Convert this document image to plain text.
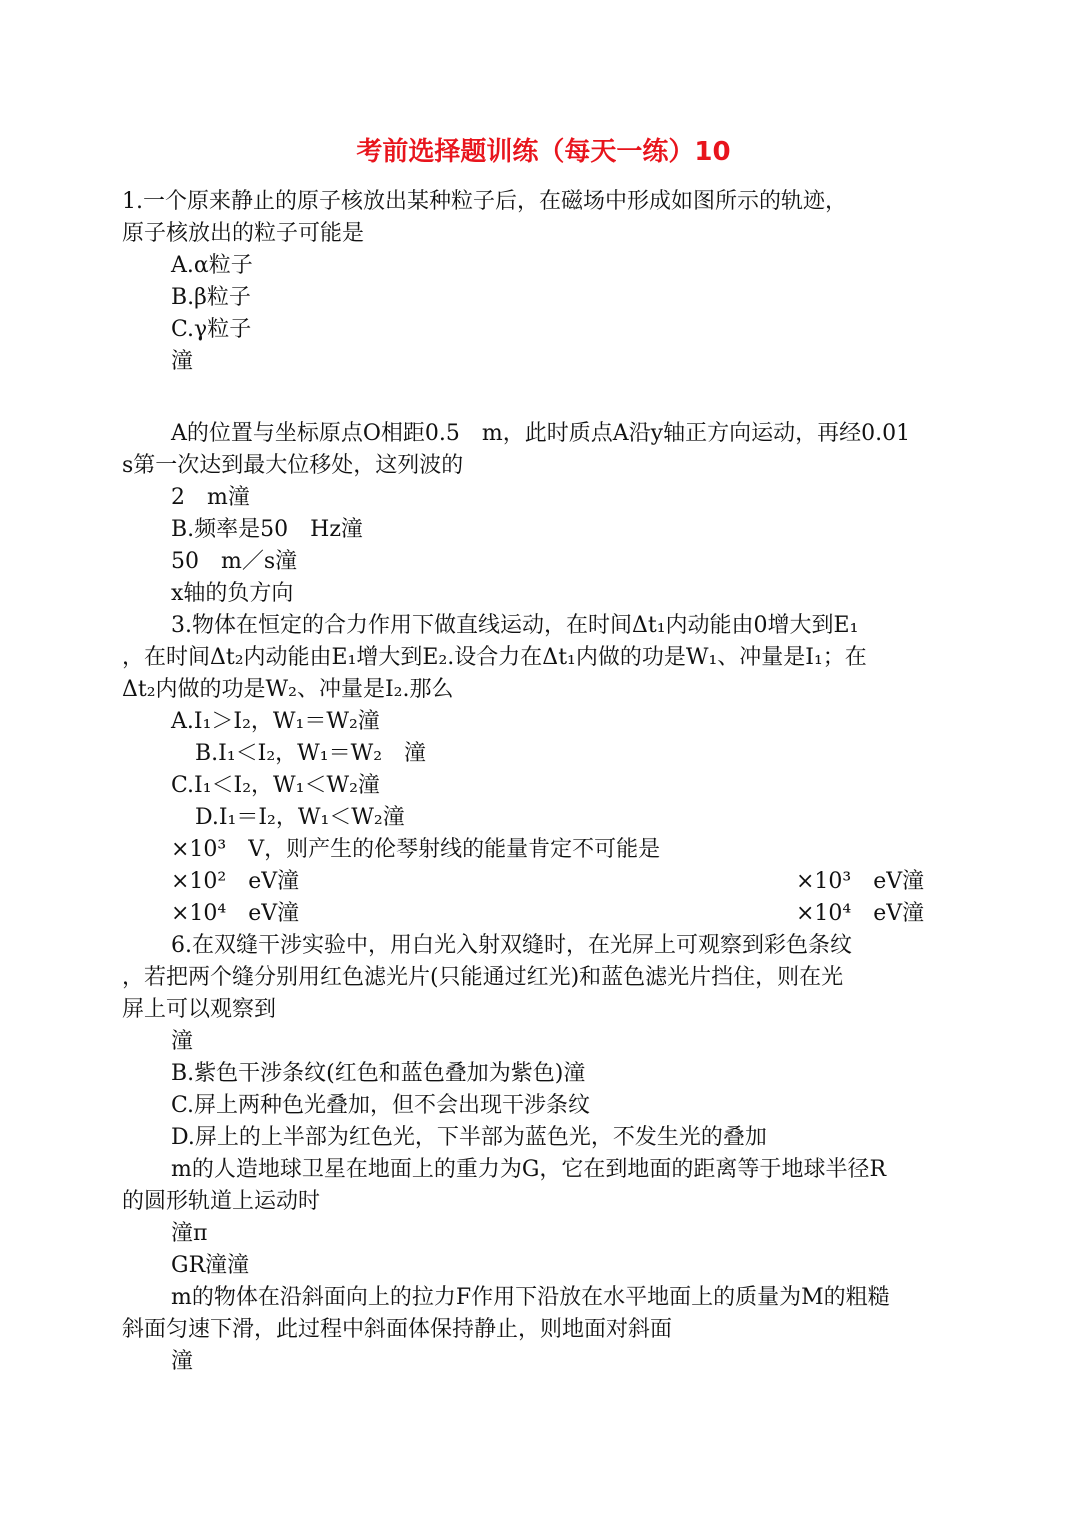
考前选择题训练（每天一练）10
1.一个原来静止的原子核放出某种粒子后，在磁场中形成如图所示的轨迹，
原子核放出的粒子可能是
A.α粒子
B.β粒子
C.γ粒子
潼
A的位置与坐标原点O相距0.5　m，此时质点A沿y轴正方向运动，再经0.01
s第一次达到最大位移处，这列波的
2　m潼
B.频率是50　Hz潼
50　m／s潼
x轴的负方向
3.物体在恒定的合力作用下做直线运动，在时间Δt₁内动能由0增大到E₁
，在时间Δt₂内动能由E₁增大到E₂.设合力在Δt₁内做的功是W₁、冲量是I₁；在
Δt₂内做的功是W₂、冲量是I₂.那么
A.I₁＞I₂，W₁＝W₂潼
B.I₁＜I₂，W₁＝W₂　潼
C.I₁＜I₂，W₁＜W₂潼
D.I₁＝I₂，W₁＜W₂潼
×10³　V，则产生的伦琴射线的能量肯定不可能是
×10²　eV潼	×10³　eV潼
×10⁴　eV潼	×10⁴　eV潼
6.在双缝干涉实验中，用白光入射双缝时，在光屏上可观察到彩色条纹
，若把两个缝分别用红色滤光片(只能通过红光)和蓝色滤光片挡住，则在光
屏上可以观察到
潼
B.紫色干涉条纹(红色和蓝色叠加为紫色)潼
C.屏上两种色光叠加，但不会出现干涉条纹
D.屏上的上半部为红色光，下半部为蓝色光，不发生光的叠加
m的人造地球卫星在地面上的重力为G，它在到地面的距离等于地球半径R
的圆形轨道上运动时
潼π
GR潼潼
m的物体在沿斜面向上的拉力F作用下沿放在水平地面上的质量为M的粗糙
斜面匀速下滑，此过程中斜面体保持静止，则地面对斜面
潼
